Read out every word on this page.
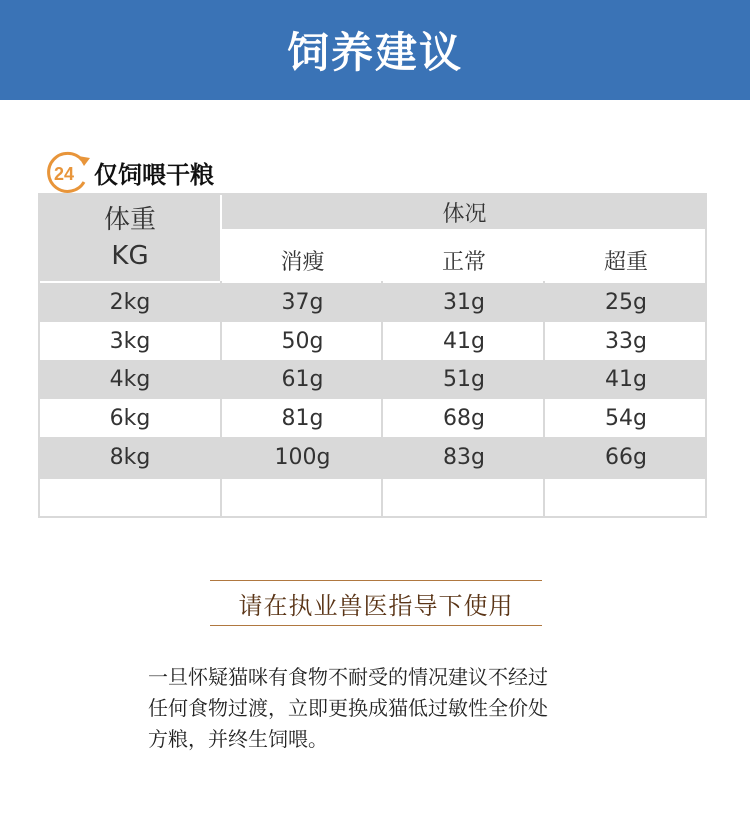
饲养建议
24 仅饲喂干粮
体重
KG
体况
消瘦	正常	超重
2kg	37g	31g	25g
3kg	50g	41g	33g
4kg	61g	51g	41g
6kg	81g	68g	54g
8kg	100g	83g	66g
请在执业兽医指导下使用
一旦怀疑猫咪有食物不耐受的情况建议不经过
任何食物过渡，立即更换成猫低过敏性全价处
方粮，并终生饲喂。
